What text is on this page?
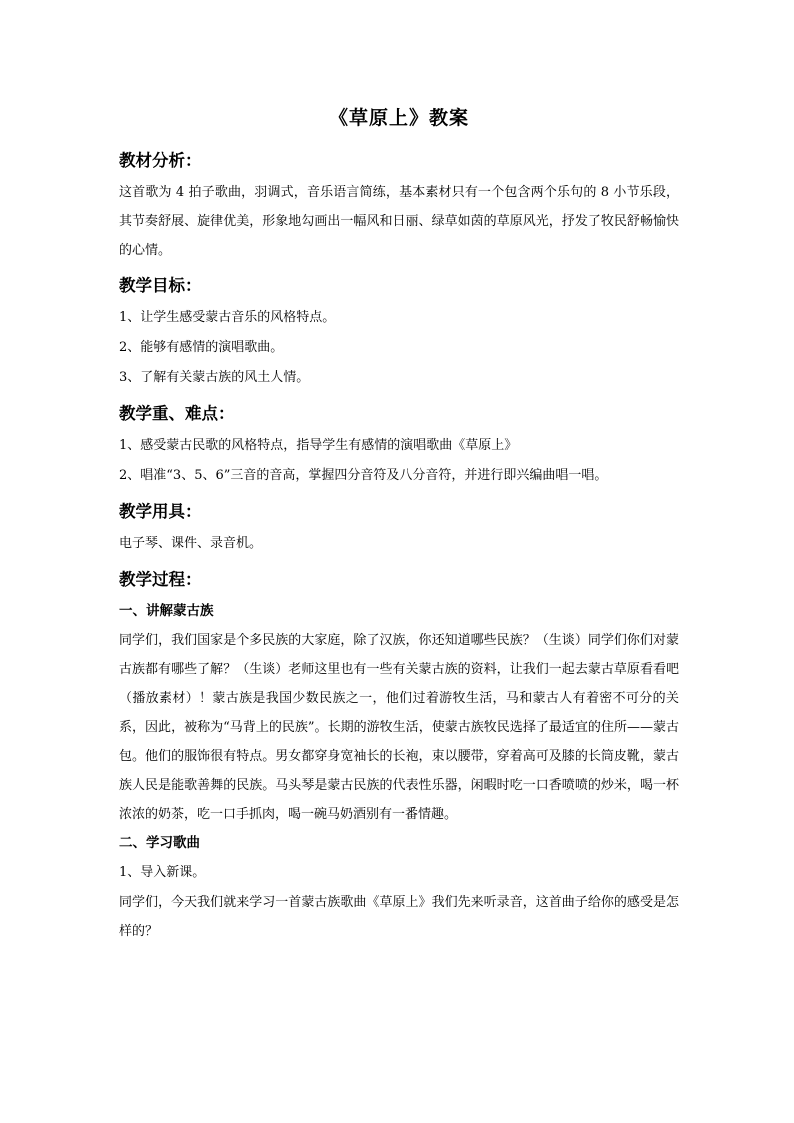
《草原上》教案
教材分析：

这首歌为 4 拍子歌曲，羽调式，音乐语言简练，基本素材只有一个包含两个乐句的 8 小节乐段，其节奏舒展、旋律优美，形象地勾画出一幅风和日丽、绿草如茵的草原风光，抒发了牧民舒畅愉快的心情。

教学目标：

1、让学生感受蒙古音乐的风格特点。

2、能够有感情的演唱歌曲。

3、了解有关蒙古族的风土人情。

教学重、难点：

1、感受蒙古民歌的风格特点，指导学生有感情的演唱歌曲《草原上》

2、唱准“3、5、6”三音的音高，掌握四分音符及八分音符，并进行即兴编曲唱一唱。

教学用具：

电子琴、课件、录音机。

教学过程：

一、讲解蒙古族

同学们，我们国家是个多民族的大家庭，除了汉族，你还知道哪些民族？（生谈）同学们你们对蒙古族都有哪些了解？（生谈）老师这里也有一些有关蒙古族的资料，让我们一起去蒙古草原看看吧（播放素材）！蒙古族是我国少数民族之一，他们过着游牧生活，马和蒙古人有着密不可分的关系，因此，被称为“马背上的民族”。长期的游牧生活，使蒙古族牧民选择了最适宜的住所——蒙古包。他们的服饰很有特点。男女都穿身宽袖长的长袍，束以腰带，穿着高可及膝的长筒皮靴，蒙古族人民是能歌善舞的民族。马头琴是蒙古民族的代表性乐器，闲暇时吃一口香喷喷的炒米，喝一杯浓浓的奶茶，吃一口手抓肉，喝一碗马奶酒别有一番情趣。

二、学习歌曲

1、导入新课。

同学们，今天我们就来学习一首蒙古族歌曲《草原上》我们先来听录音，这首曲子给你的感受是怎样的？
